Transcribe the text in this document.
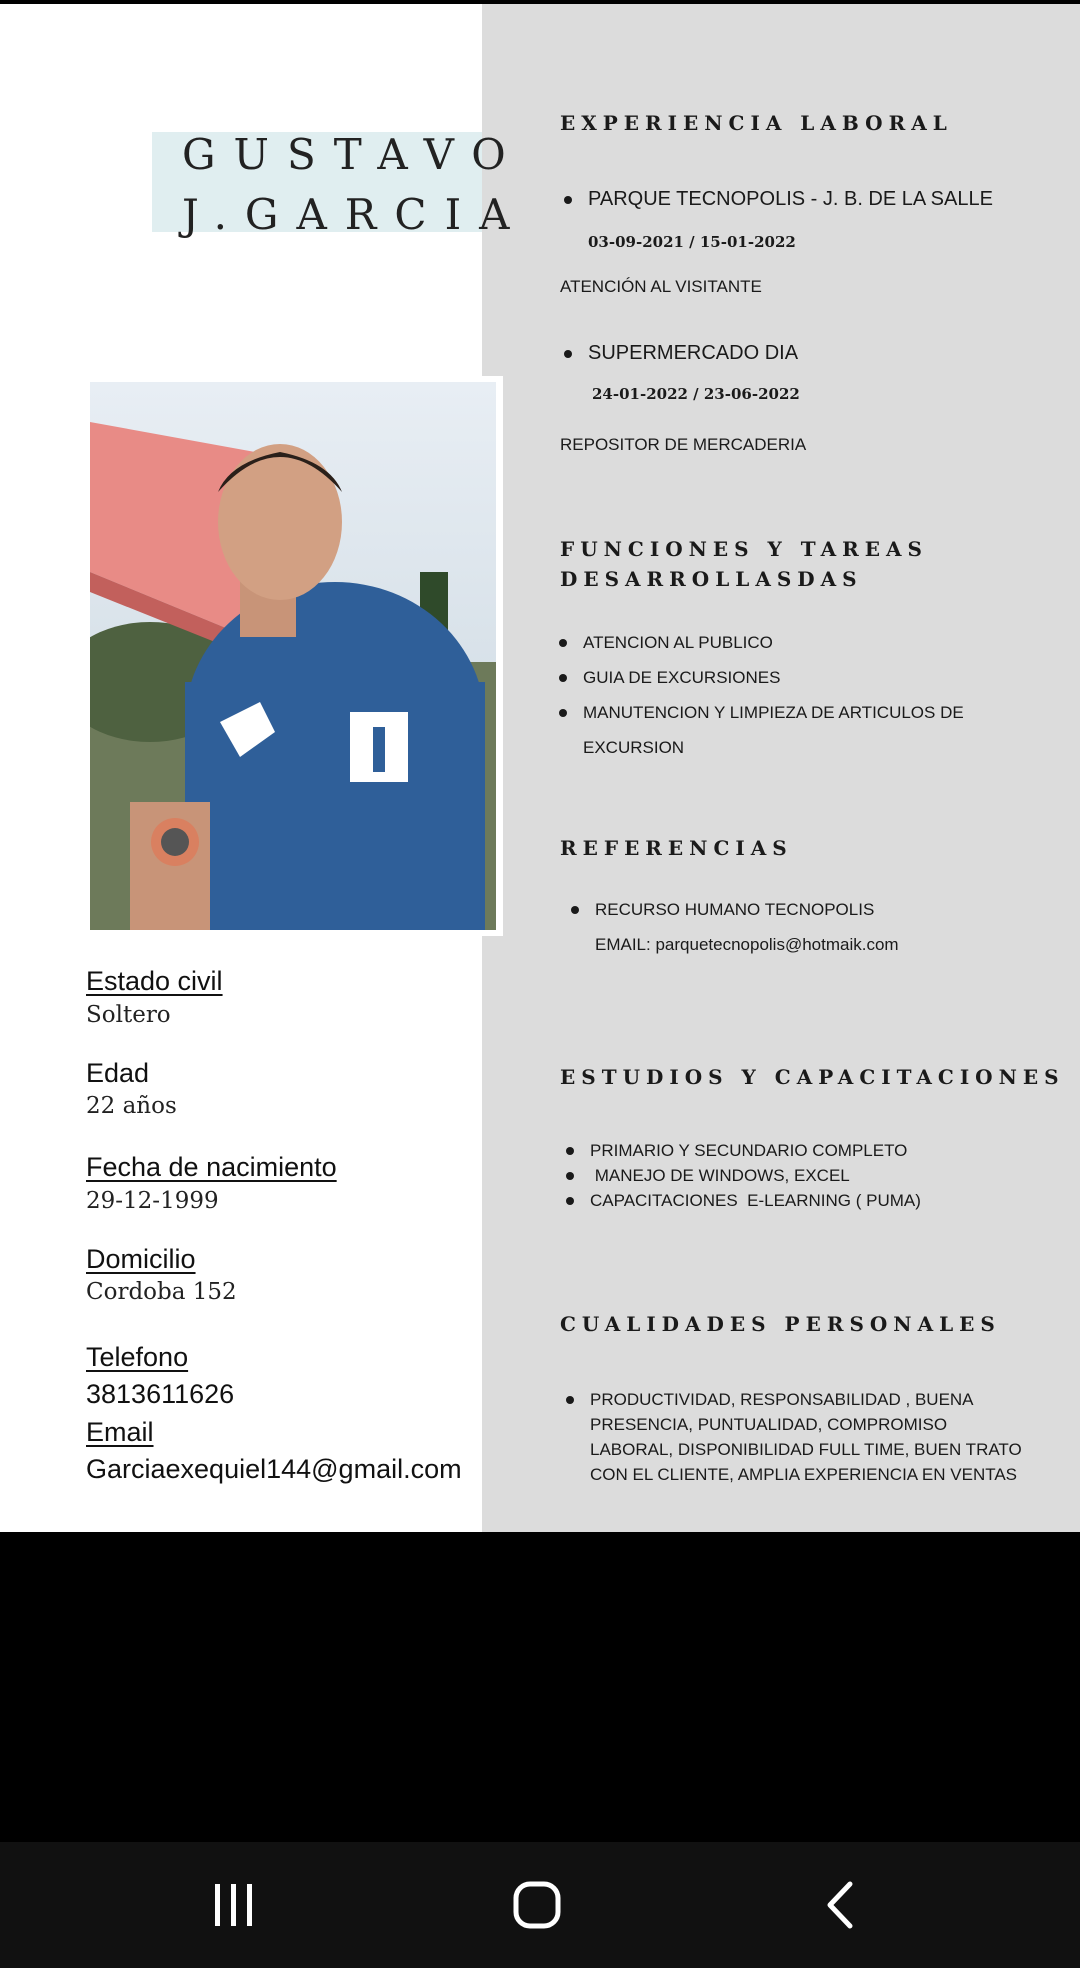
GUSTAVO
J.GARCIA
Estado civil
Soltero
Edad
22 años
Fecha de nacimiento
29-12-1999
Domicilio
Cordoba 152
Telefono
3813611626
Email
Garciaexequiel144@gmail.com
EXPERIENCIA LABORAL
PARQUE TECNOPOLIS - J. B. DE LA SALLE
03-09-2021 / 15-01-2022
ATENCIÓN AL VISITANTE
SUPERMERCADO DIA
24-01-2022 / 23-06-2022
REPOSITOR DE MERCADERIA
FUNCIONES Y TAREAS
DESARROLLASDAS
ATENCION AL PUBLICO
GUIA DE EXCURSIONES
MANUTENCION Y LIMPIEZA DE ARTICULOS DE
EXCURSION
REFERENCIAS
RECURSO HUMANO TECNOPOLIS
EMAIL: parquetecnopolis@hotmaik.com
ESTUDIOS Y CAPACITACIONES
PRIMARIO Y SECUNDARIO COMPLETO
MANEJO DE WINDOWS, EXCEL
CAPACITACIONES  E-LEARNING ( PUMA)
CUALIDADES PERSONALES
PRODUCTIVIDAD, RESPONSABILIDAD , BUENA
PRESENCIA, PUNTUALIDAD, COMPROMISO
LABORAL, DISPONIBILIDAD FULL TIME, BUEN TRATO
CON EL CLIENTE, AMPLIA EXPERIENCIA EN VENTAS
